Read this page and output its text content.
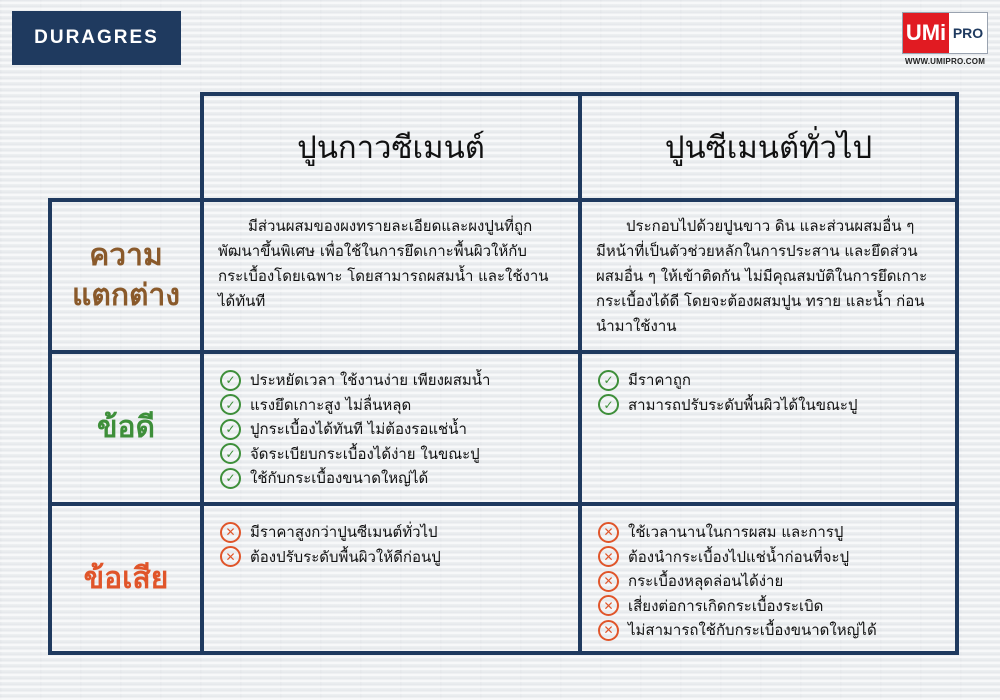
DURAGRES	UMi PRO
WWW.UMIPRO.COM
ปูนกาวซีเมนต์	ปูนซีเมนต์ทั่วไป
ความ
แตกต่าง
มีส่วนผสมของผงทรายละเอียดและผงปูนที่ถูกพัฒนาขึ้นพิเศษ เพื่อใช้ในการยึดเกาะพื้นผิวให้กับกระเบื้องโดยเฉพาะ โดยสามารถผสมน้ำ และใช้งานได้ทันที
ประกอบไปด้วยปูนขาว ดิน และส่วนผสมอื่น ๆ มีหน้าที่เป็นตัวช่วยหลักในการประสาน และยึดส่วนผสมอื่น ๆ ให้เข้าติดกัน ไม่มีคุณสมบัติในการยึดเกาะกระเบื้องได้ดี โดยจะต้องผสมปูน ทราย และน้ำ ก่อนนำมาใช้งาน
ข้อดี
✓ ประหยัดเวลา ใช้งานง่าย เพียงผสมน้ำ
✓ แรงยึดเกาะสูง ไม่ลื่นหลุด
✓ ปูกระเบื้องได้ทันที ไม่ต้องรอแช่น้ำ
✓ จัดระเบียบกระเบื้องได้ง่าย ในขณะปู
✓ ใช้กับกระเบื้องขนาดใหญ่ได้
✓ มีราคาถูก
✓ สามารถปรับระดับพื้นผิวได้ในขณะปู
ข้อเสีย
✕ มีราคาสูงกว่าปูนซีเมนต์ทั่วไป
✕ ต้องปรับระดับพื้นผิวให้ดีก่อนปู
✕ ใช้เวลานานในการผสม และการปู
✕ ต้องนำกระเบื้องไปแช่น้ำก่อนที่จะปู
✕ กระเบื้องหลุดล่อนได้ง่าย
✕ เสี่ยงต่อการเกิดกระเบื้องระเบิด
✕ ไม่สามารถใช้กับกระเบื้องขนาดใหญ่ได้
